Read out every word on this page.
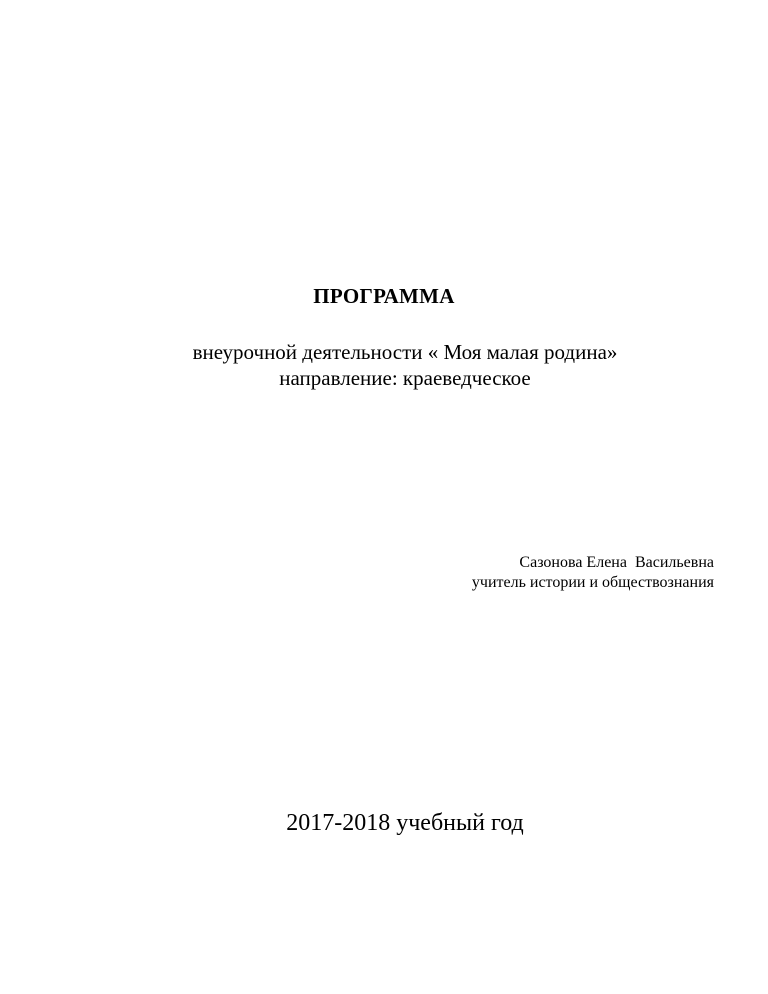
ПРОГРАММА
внеурочной деятельности « Моя малая родина»
направление: краеведческое
Сазонова Елена  Васильевна
учитель истории и обществознания
2017-2018 учебный год
